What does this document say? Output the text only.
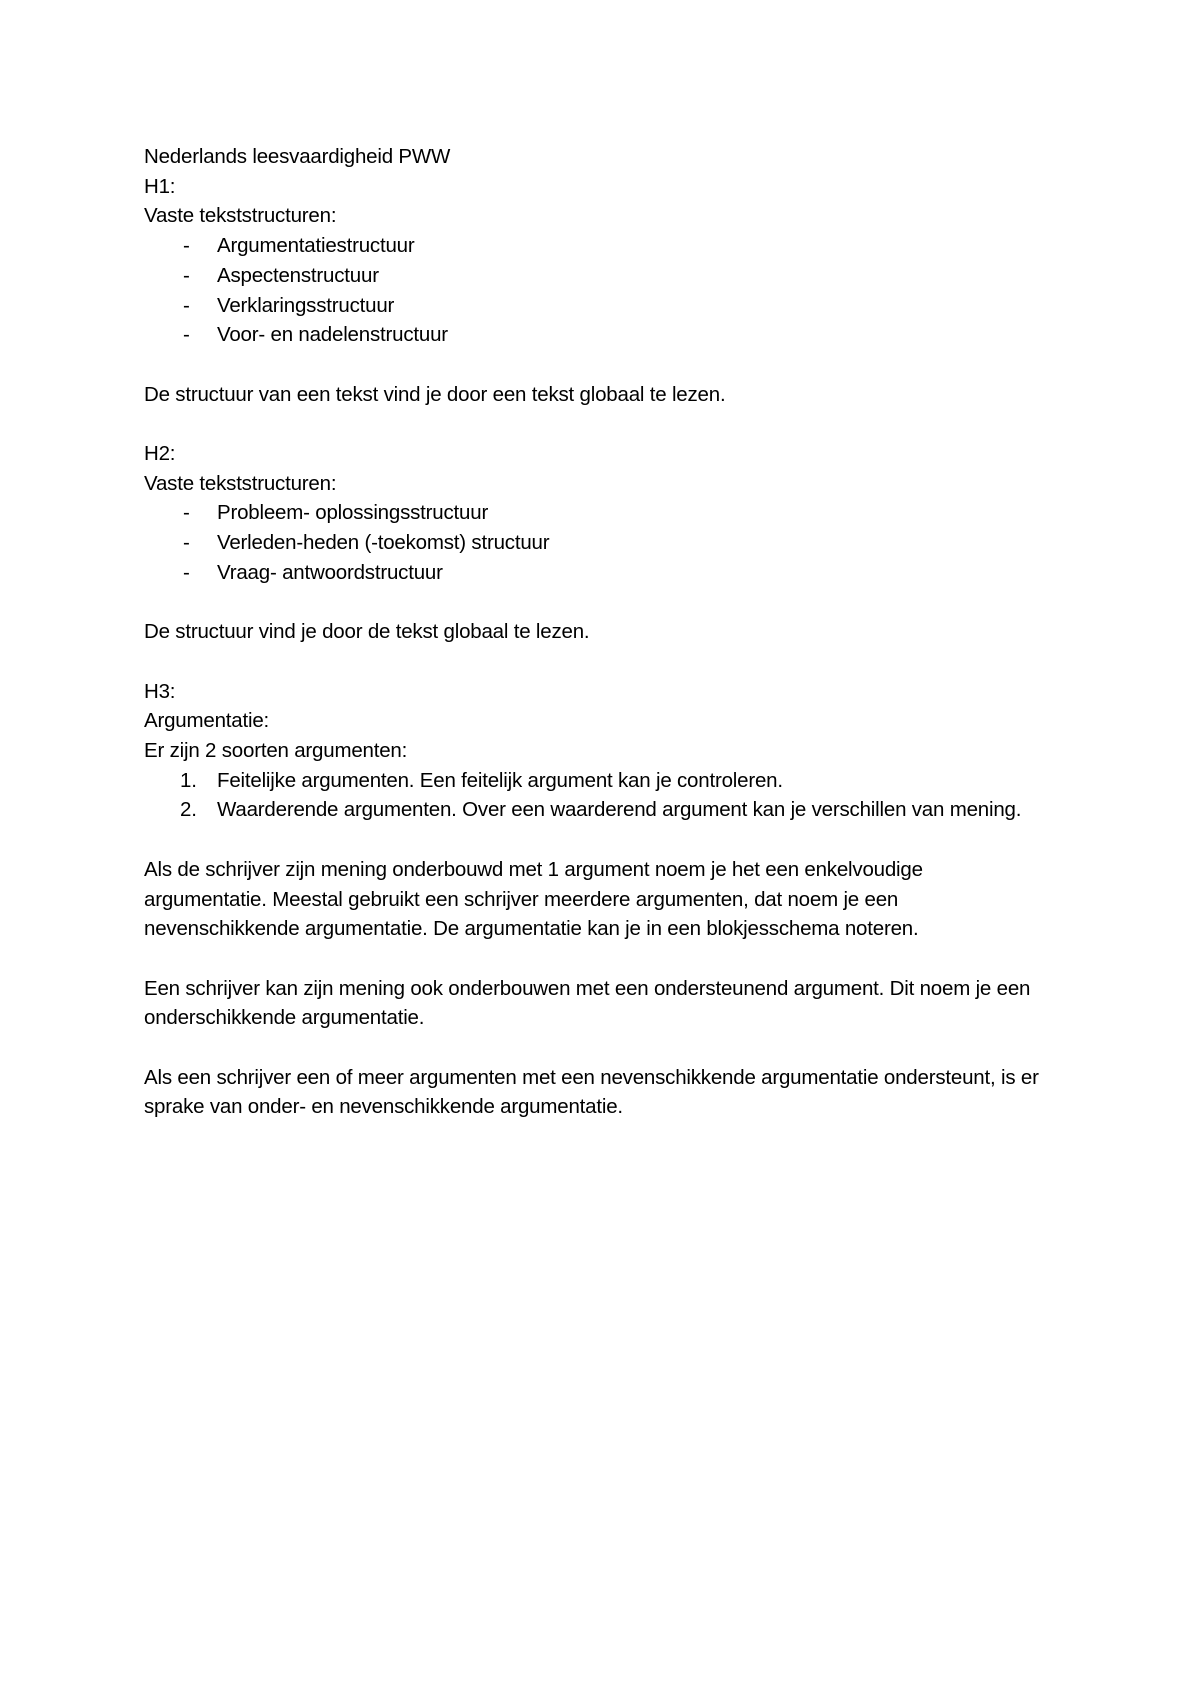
Nederlands leesvaardigheid PWW
H1:
Vaste tekststructuren:
- Argumentatiestructuur
- Aspectenstructuur
- Verklaringsstructuur
- Voor- en nadelenstructuur
De structuur van een tekst vind je door een tekst globaal te lezen.
H2:
Vaste tekststructuren:
- Probleem- oplossingsstructuur
- Verleden-heden (-toekomst) structuur
- Vraag- antwoordstructuur
De structuur vind je door de tekst globaal te lezen.
H3:
Argumentatie:
Er zijn 2 soorten argumenten:
1. Feitelijke argumenten. Een feitelijk argument kan je controleren.
2. Waarderende argumenten. Over een waarderend argument kan je verschillen van mening.
Als de schrijver zijn mening onderbouwd met 1 argument noem je het een enkelvoudige argumentatie. Meestal gebruikt een schrijver meerdere argumenten, dat noem je een nevenschikkende argumentatie. De argumentatie kan je in een blokjesschema noteren.
Een schrijver kan zijn mening ook onderbouwen met een ondersteunend argument. Dit noem je een onderschikkende argumentatie.
Als een schrijver een of meer argumenten met een nevenschikkende argumentatie ondersteunt, is er sprake van onder- en nevenschikkende argumentatie.
